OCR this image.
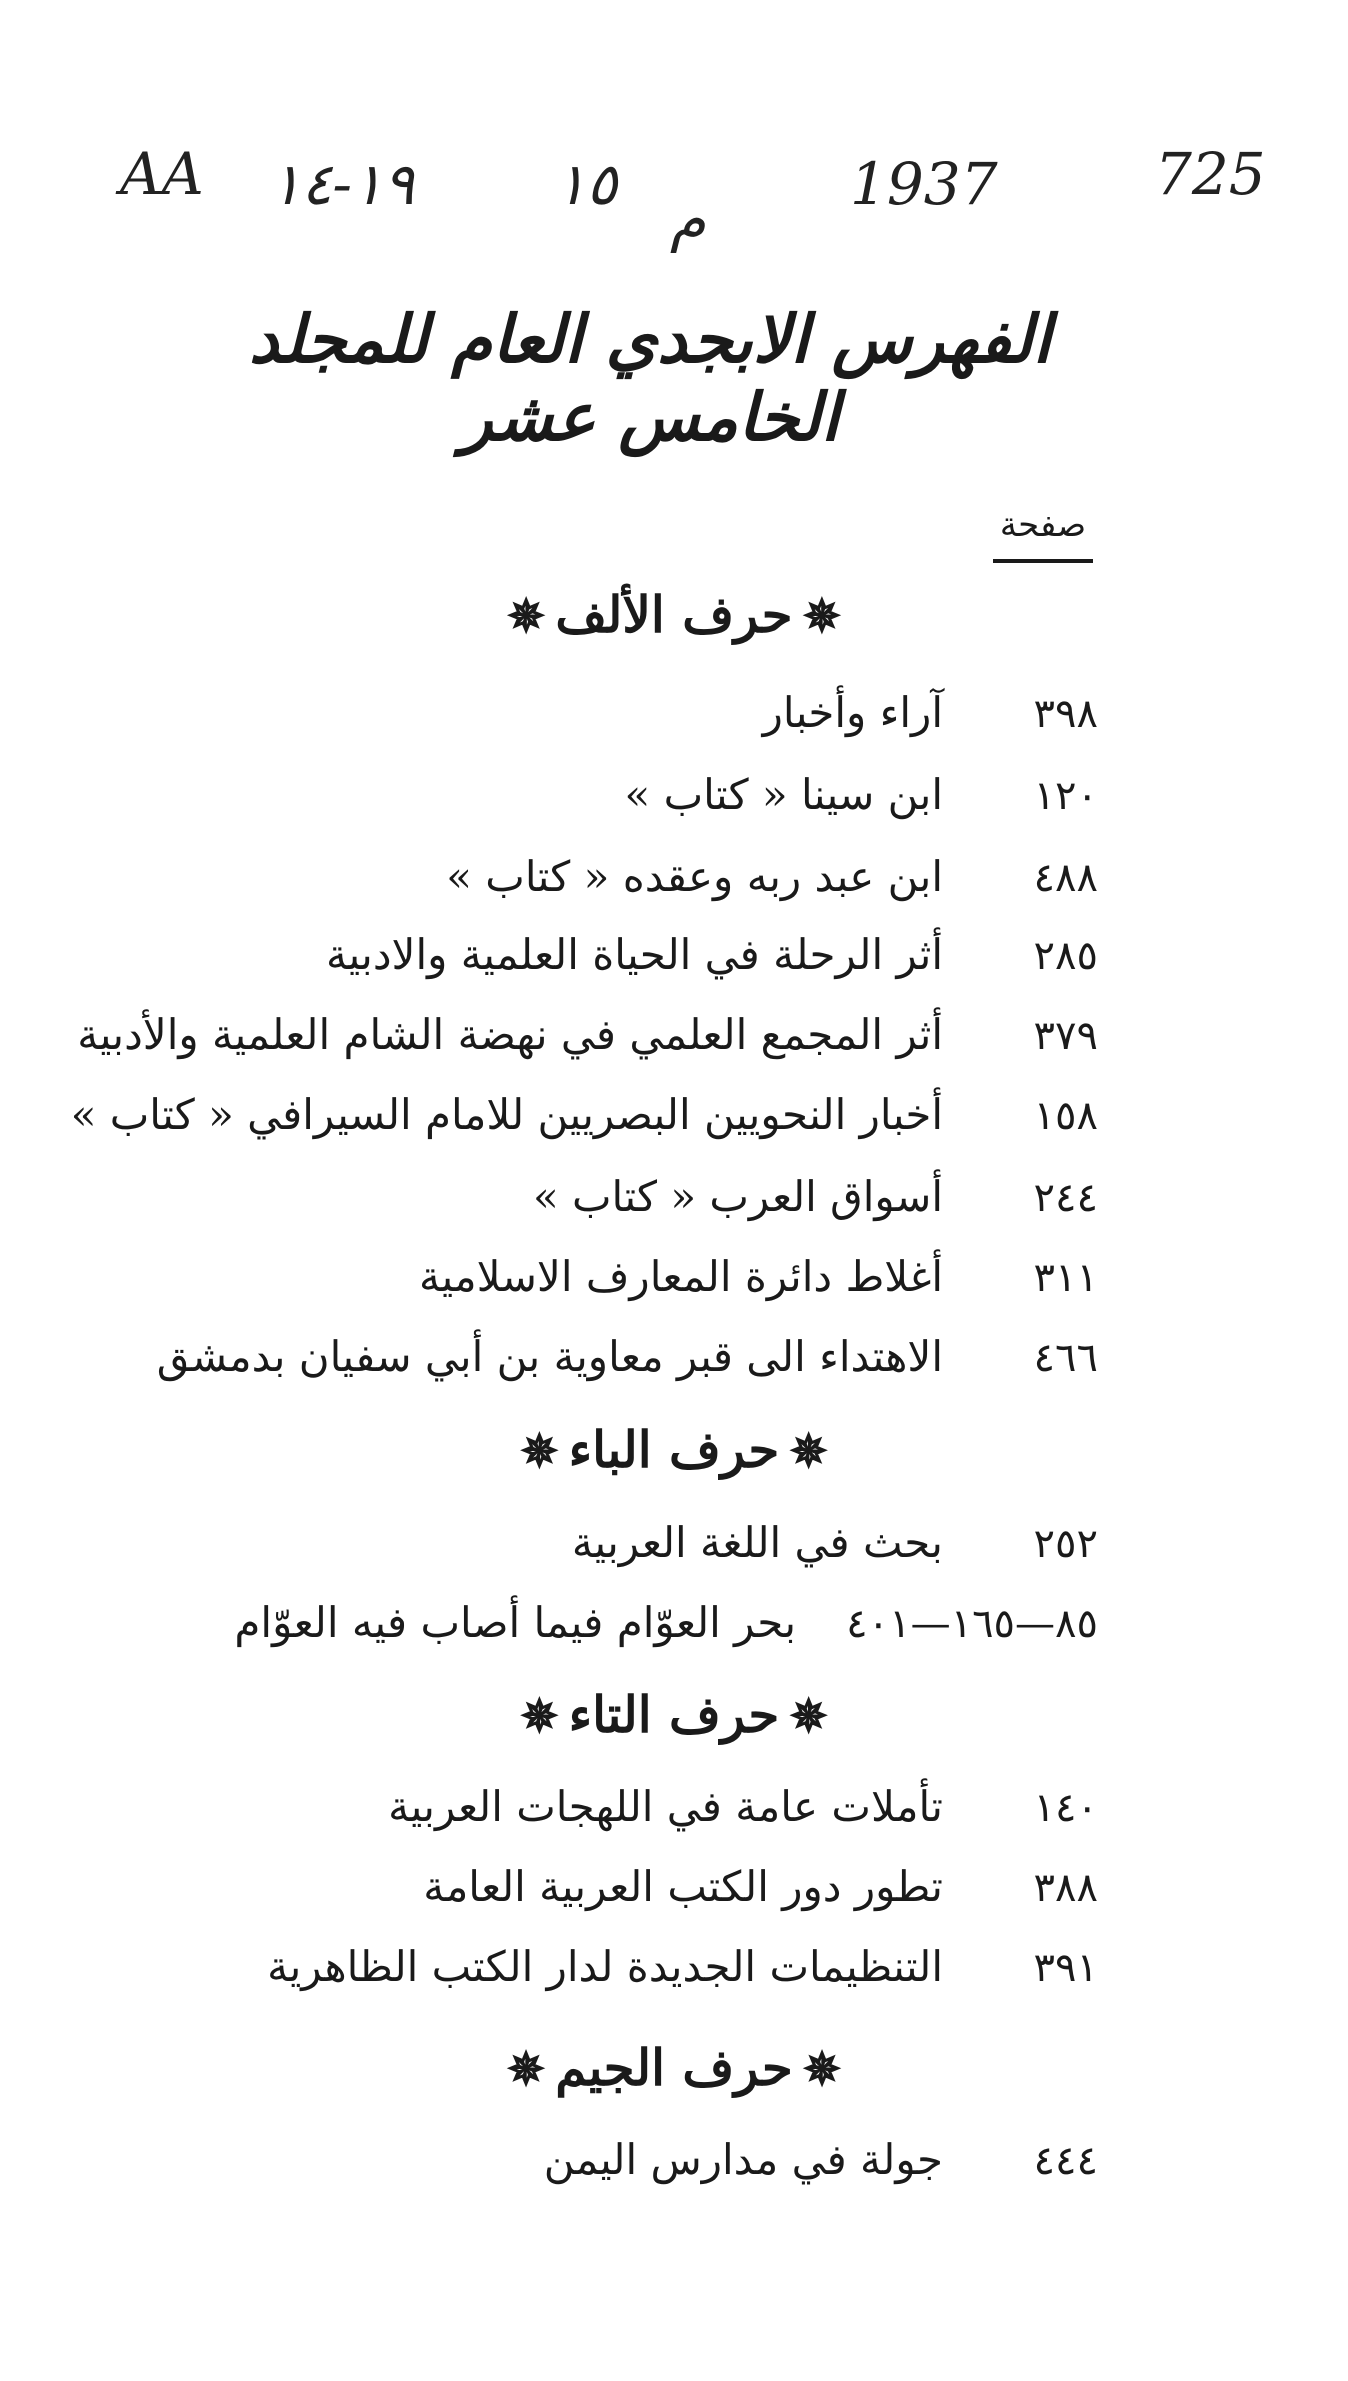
AA ١٩-١٤ ١٥
م
1937	725
الفهرس الابجدي العام للمجلد الخامس عشر
صفحة
✵حرف الألف✵
٣٩٨
آراء وأخبار
١٢٠
ابن سينا « كتاب »
٤٨٨
ابن عبد ربه وعقده « كتاب »
٢٨٥
أثر الرحلة في الحياة العلمية والادبية
٣٧٩
أثر المجمع العلمي في نهضة الشام العلمية والأدبية
١٥٨
أخبار النحويين البصريين للامام السيرافي « كتاب »
٢٤٤
أسواق العرب « كتاب »
٣١١
أغلاط دائرة المعارف الاسلامية
٤٦٦
الاهتداء الى قبر معاوية بن أبي سفيان بدمشق
✵حرف الباء✵
٢٥٢
بحث في اللغة العربية
٨٥—١٦٥—٤٠١
بحر العوّام فيما أصاب فيه العوّام
✵حرف التاء✵
١٤٠
تأملات عامة في اللهجات العربية
٣٨٨
تطور دور الكتب العربية العامة
٣٩١
التنظيمات الجديدة لدار الكتب الظاهرية
✵حرف الجيم✵
٤٤٤
جولة في مدارس اليمن
